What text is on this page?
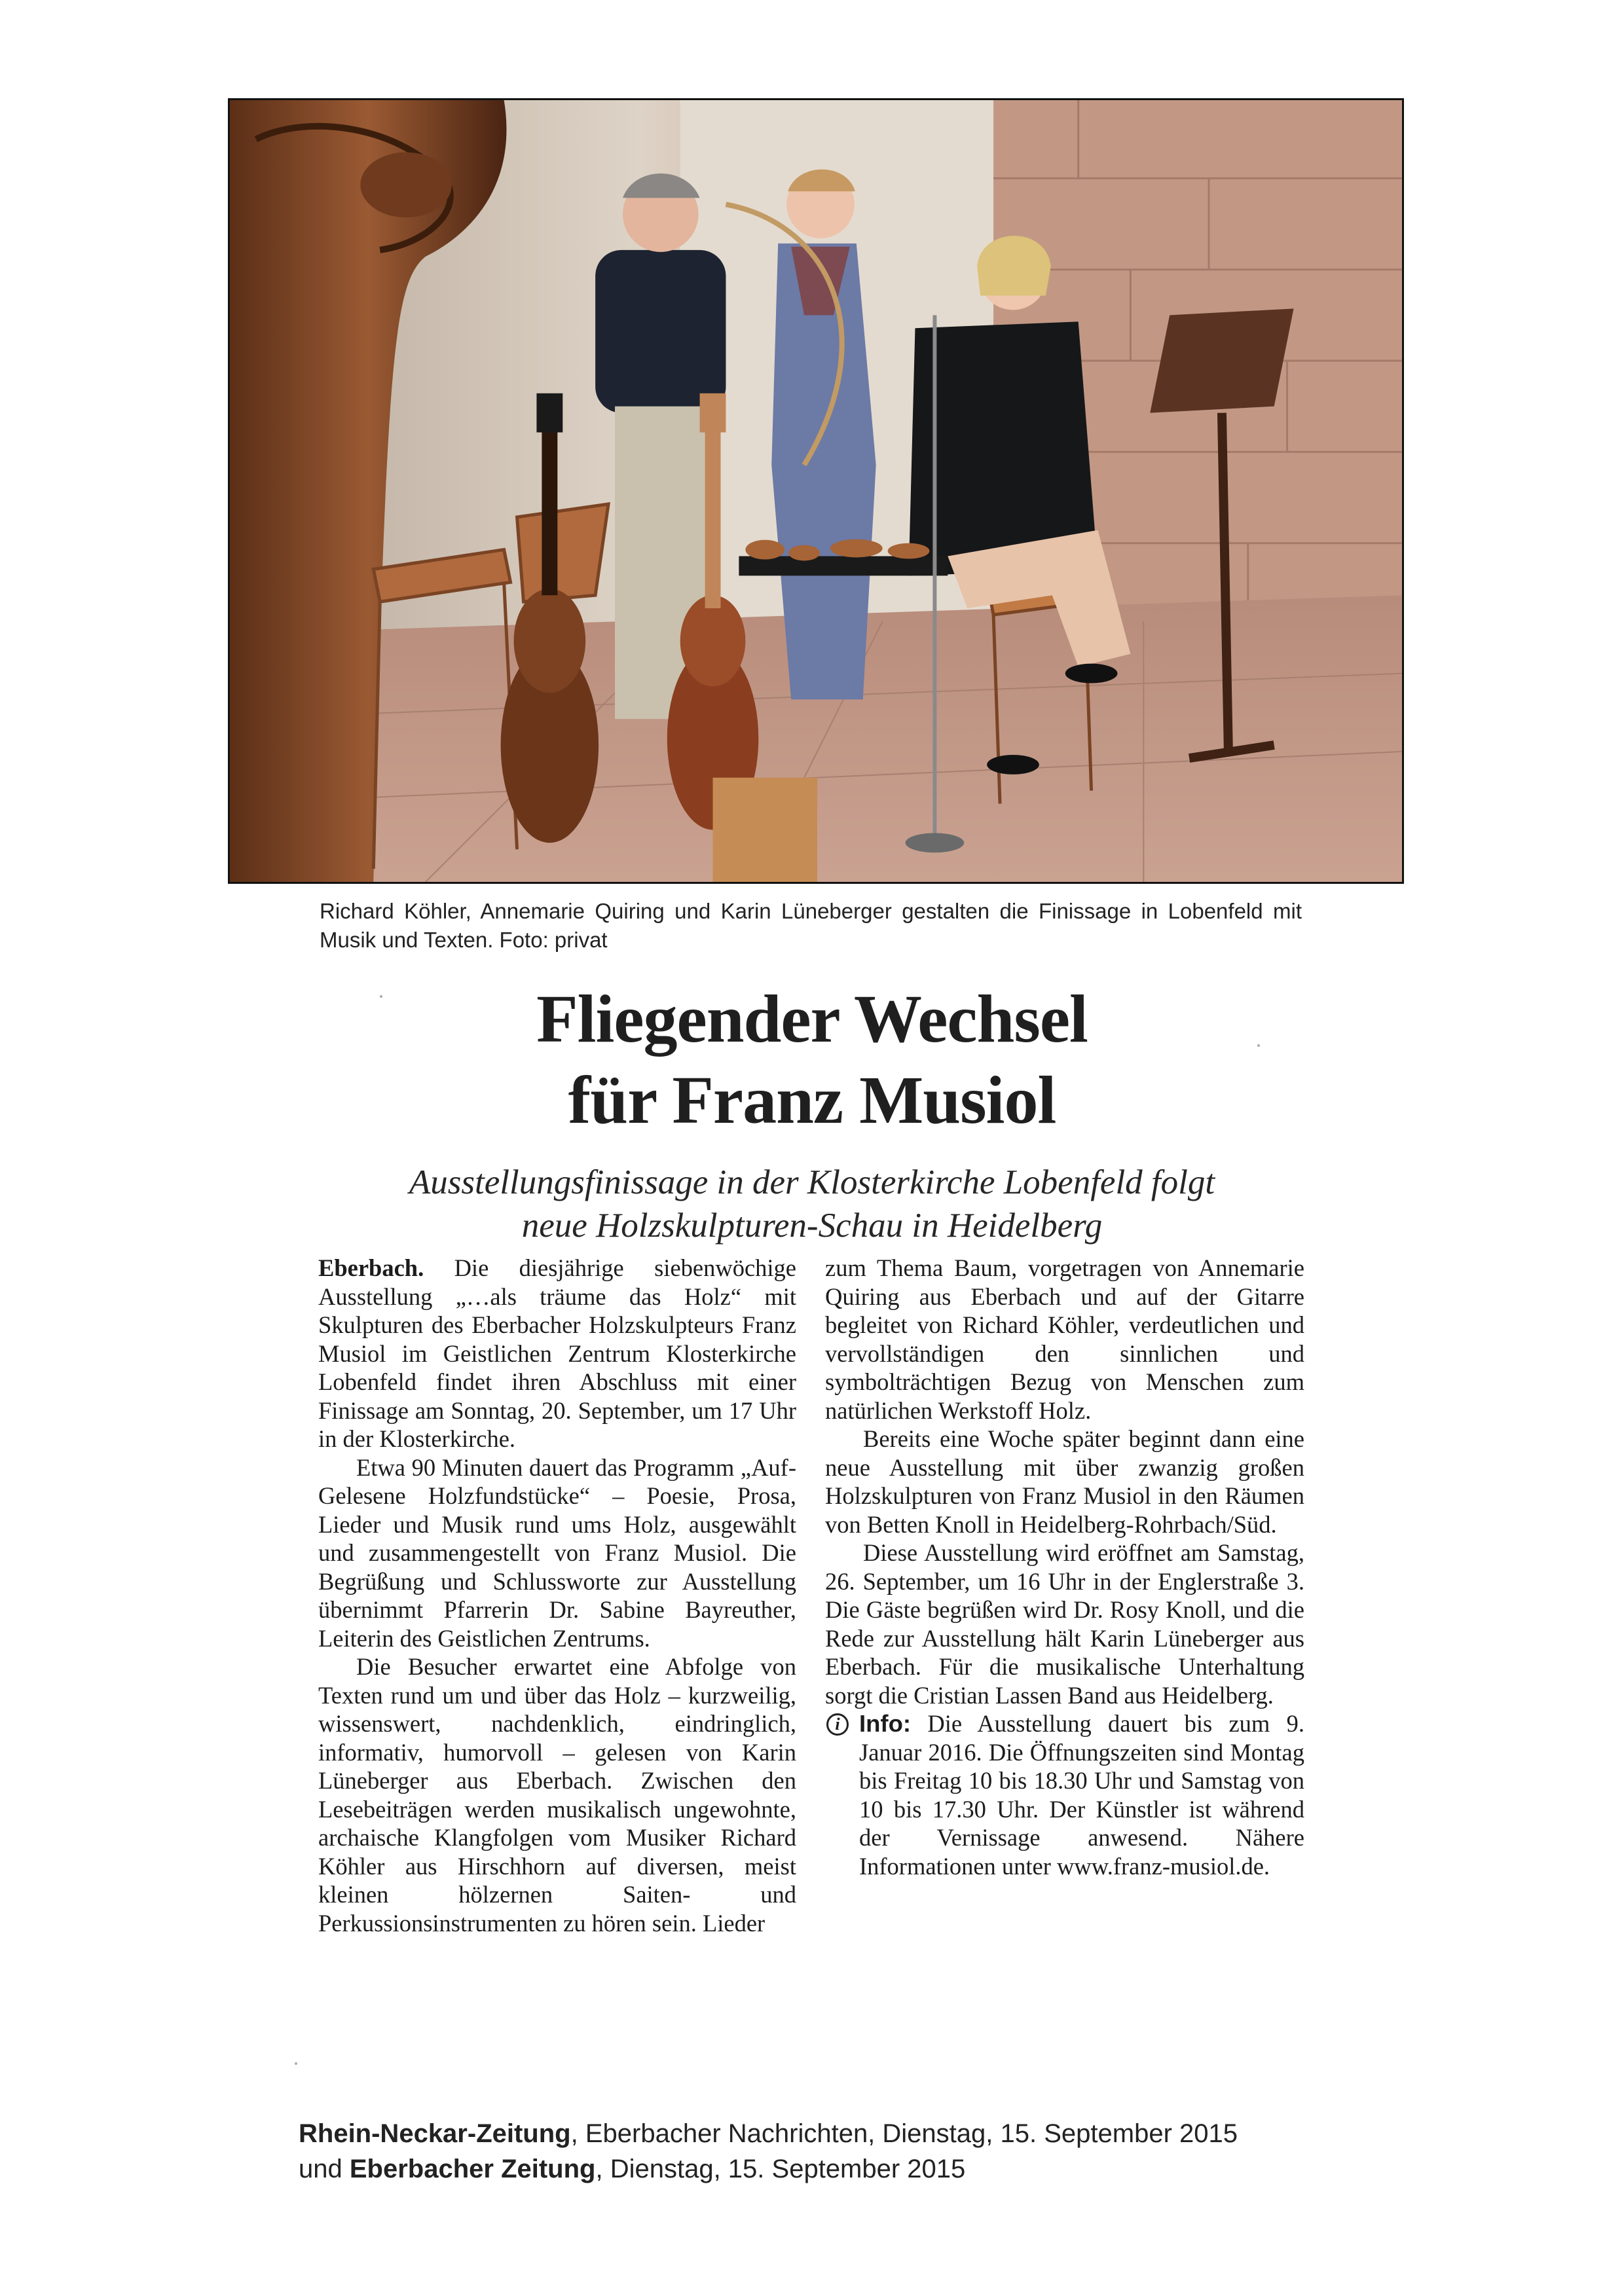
Richard Köhler, Annemarie Quiring und Karin Lüneberger gestalten die Finissage in Lobenfeld mit Musik und Texten. Foto: privat
Fliegender Wechsel
für Franz Musiol
Ausstellungsfinissage in der Klosterkirche Lobenfeld folgt
neue Holzskulpturen-Schau in Heidelberg

Eberbach. Die diesjährige siebenwöchige Ausstellung „…als träume das Holz“ mit Skulpturen des Eberbacher Holzskulpteurs Franz Musiol im Geistlichen Zentrum Klosterkirche Lobenfeld findet ihren Abschluss mit einer Finissage am Sonntag, 20. September, um 17 Uhr in der Klosterkirche.

Etwa 90 Minuten dauert das Programm „Auf-Gelesene Holzfundstücke“ – Poesie, Prosa, Lieder und Musik rund ums Holz, ausgewählt und zusammengestellt von Franz Musiol. Die Begrüßung und Schlussworte zur Ausstellung übernimmt Pfarrerin Dr. Sabine Bayreuther, Leiterin des Geistlichen Zentrums.

Die Besucher erwartet eine Abfolge von Texten rund um und über das Holz – kurzweilig, wissenswert, nachdenklich, eindringlich, informativ, humorvoll – gelesen von Karin Lüneberger aus Eberbach. Zwischen den Lesebeiträgen werden musikalisch ungewohnte, archaische Klangfolgen vom Musiker Richard Köhler aus Hirschhorn auf diversen, meist kleinen hölzernen Saiten- und Perkussionsinstrumenten zu hören sein. Lieder

zum Thema Baum, vorgetragen von Annemarie Quiring aus Eberbach und auf der Gitarre begleitet von Richard Köhler, verdeutlichen und vervollständigen den sinnlichen und symbolträchtigen Bezug von Menschen zum natürlichen Werkstoff Holz.

Bereits eine Woche später beginnt dann eine neue Ausstellung mit über zwanzig großen Holzskulpturen von Franz Musiol in den Räumen von Betten Knoll in Heidelberg-Rohrbach/Süd.

Diese Ausstellung wird eröffnet am Samstag, 26. September, um 16 Uhr in der Englerstraße 3. Die Gäste begrüßen wird Dr. Rosy Knoll, und die Rede zur Ausstellung hält Karin Lüneberger aus Eberbach. Für die musikalische Unterhaltung sorgt die Cristian Lassen Band aus Heidelberg.

i Info: Die Ausstellung dauert bis zum 9. Januar 2016. Die Öffnungszeiten sind Montag bis Freitag 10 bis 18.30 Uhr und Samstag von 10 bis 17.30 Uhr. Der Künstler ist während der Vernissage anwesend. Nähere Informationen unter www.franz-musiol.de.

Rhein-Neckar-Zeitung, Eberbacher Nachrichten, Dienstag, 15. September 2015
und Eberbacher Zeitung, Dienstag, 15. September 2015
